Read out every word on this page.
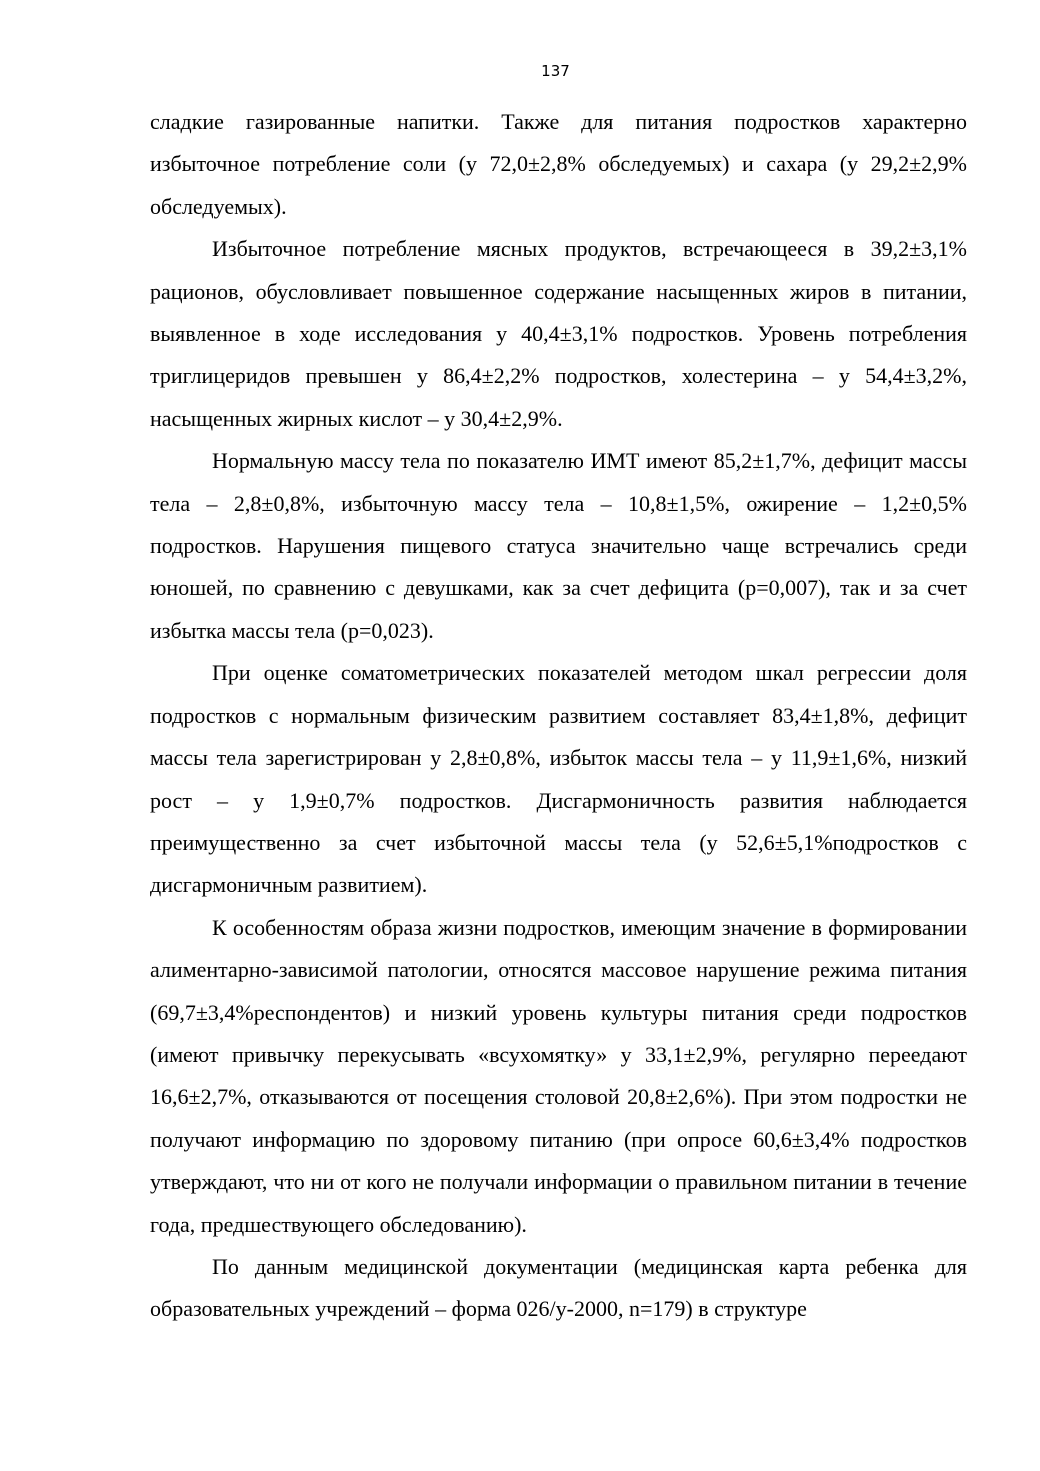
137

сладкие газированные напитки. Также для питания подростков характерно избыточное потребление соли (у 72,0±2,8% обследуемых) и сахара (у 29,2±2,9% обследуемых).

Избыточное потребление мясных продуктов, встречающееся в 39,2±3,1% рационов, обусловливает повышенное содержание насыщенных жиров в питании, выявленное в ходе исследования у 40,4±3,1% подростков. Уровень потребления триглицеридов превышен у 86,4±2,2% подростков, холестерина – у 54,4±3,2%, насыщенных жирных кислот – у 30,4±2,9%.

Нормальную массу тела по показателю ИМТ имеют 85,2±1,7%, дефицит массы тела – 2,8±0,8%, избыточную массу тела – 10,8±1,5%, ожирение – 1,2±0,5% подростков. Нарушения пищевого статуса значительно чаще встречались среди юношей, по сравнению с девушками, как за счет дефицита (p=0,007), так и за счет избытка массы тела (p=0,023).

При оценке соматометрических показателей методом шкал регрессии доля подростков с нормальным физическим развитием составляет 83,4±1,8%, дефицит массы тела зарегистрирован у 2,8±0,8%, избыток массы тела – у 11,9±1,6%, низкий рост – у 1,9±0,7% подростков. Дисгармоничность развития наблюдается преимущественно за счет избыточной массы тела (у 52,6±5,1%подростков с дисгармоничным развитием).

К особенностям образа жизни подростков, имеющим значение в формировании алиментарно-зависимой патологии, относятся массовое нарушение режима питания (69,7±3,4%респондентов) и низкий уровень культуры питания среди подростков (имеют привычку перекусывать «всухомятку» у 33,1±2,9%, регулярно переедают 16,6±2,7%, отказываются от посещения столовой 20,8±2,6%). При этом подростки не получают информацию по здоровому питанию (при опросе 60,6±3,4% подростков утверждают, что ни от кого не получали информации о правильном питании в течение года, предшествующего обследованию).

По данным медицинской документации (медицинская карта ребенка для образовательных учреждений – форма 026/у-2000, n=179) в структуре
